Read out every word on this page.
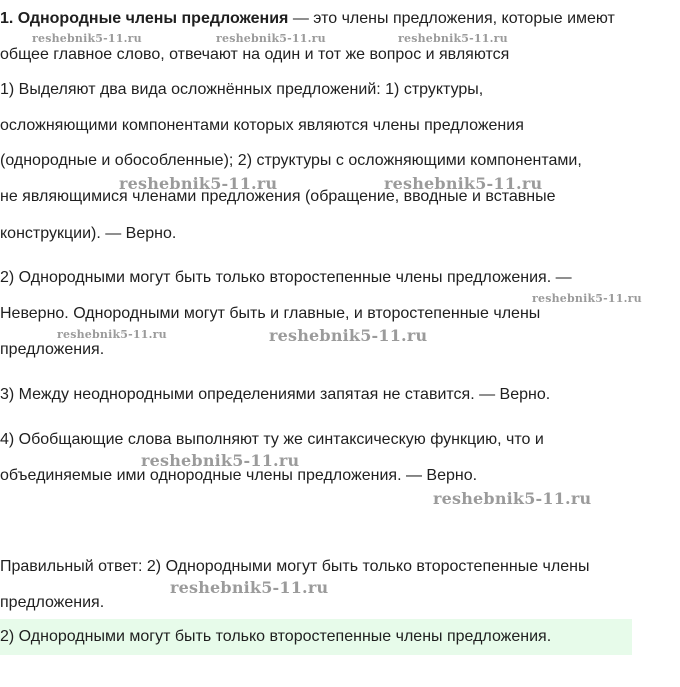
1. Однородные члены предложения — это члены предложения, которые имеют
общее главное слово, отвечают на один и тот же вопрос и являются
1) Выделяют два вида осложнённых предложений: 1) структуры,
осложняющими компонентами которых являются члены предложения
(однородные и обособленные); 2) структуры с осложняющими компонентами,
не являющимися членами предложения (обращение, вводные и вставные
конструкции). — Верно.
2) Однородными могут быть только второстепенные члены предложения. —
Неверно. Однородными могут быть и главные, и второстепенные члены
предложения.
3) Между неоднородными определениями запятая не ставится. — Верно.
4) Обобщающие слова выполняют ту же синтаксическую функцию, что и
объединяемые ими однородные члены предложения. — Верно.
Правильный ответ: 2) Однородными могут быть только второстепенные члены
предложения.
2) Однородными могут быть только второстепенные члены предложения.
reshebnik5-11.ru	reshebnik5-11.ru	reshebnik5-11.ru
reshebnik5-11.ru	reshebnik5-11.ru
reshebnik5-11.ru
reshebnik5-11.ru	reshebnik5-11.ru
reshebnik5-11.ru
reshebnik5-11.ru
reshebnik5-11.ru
